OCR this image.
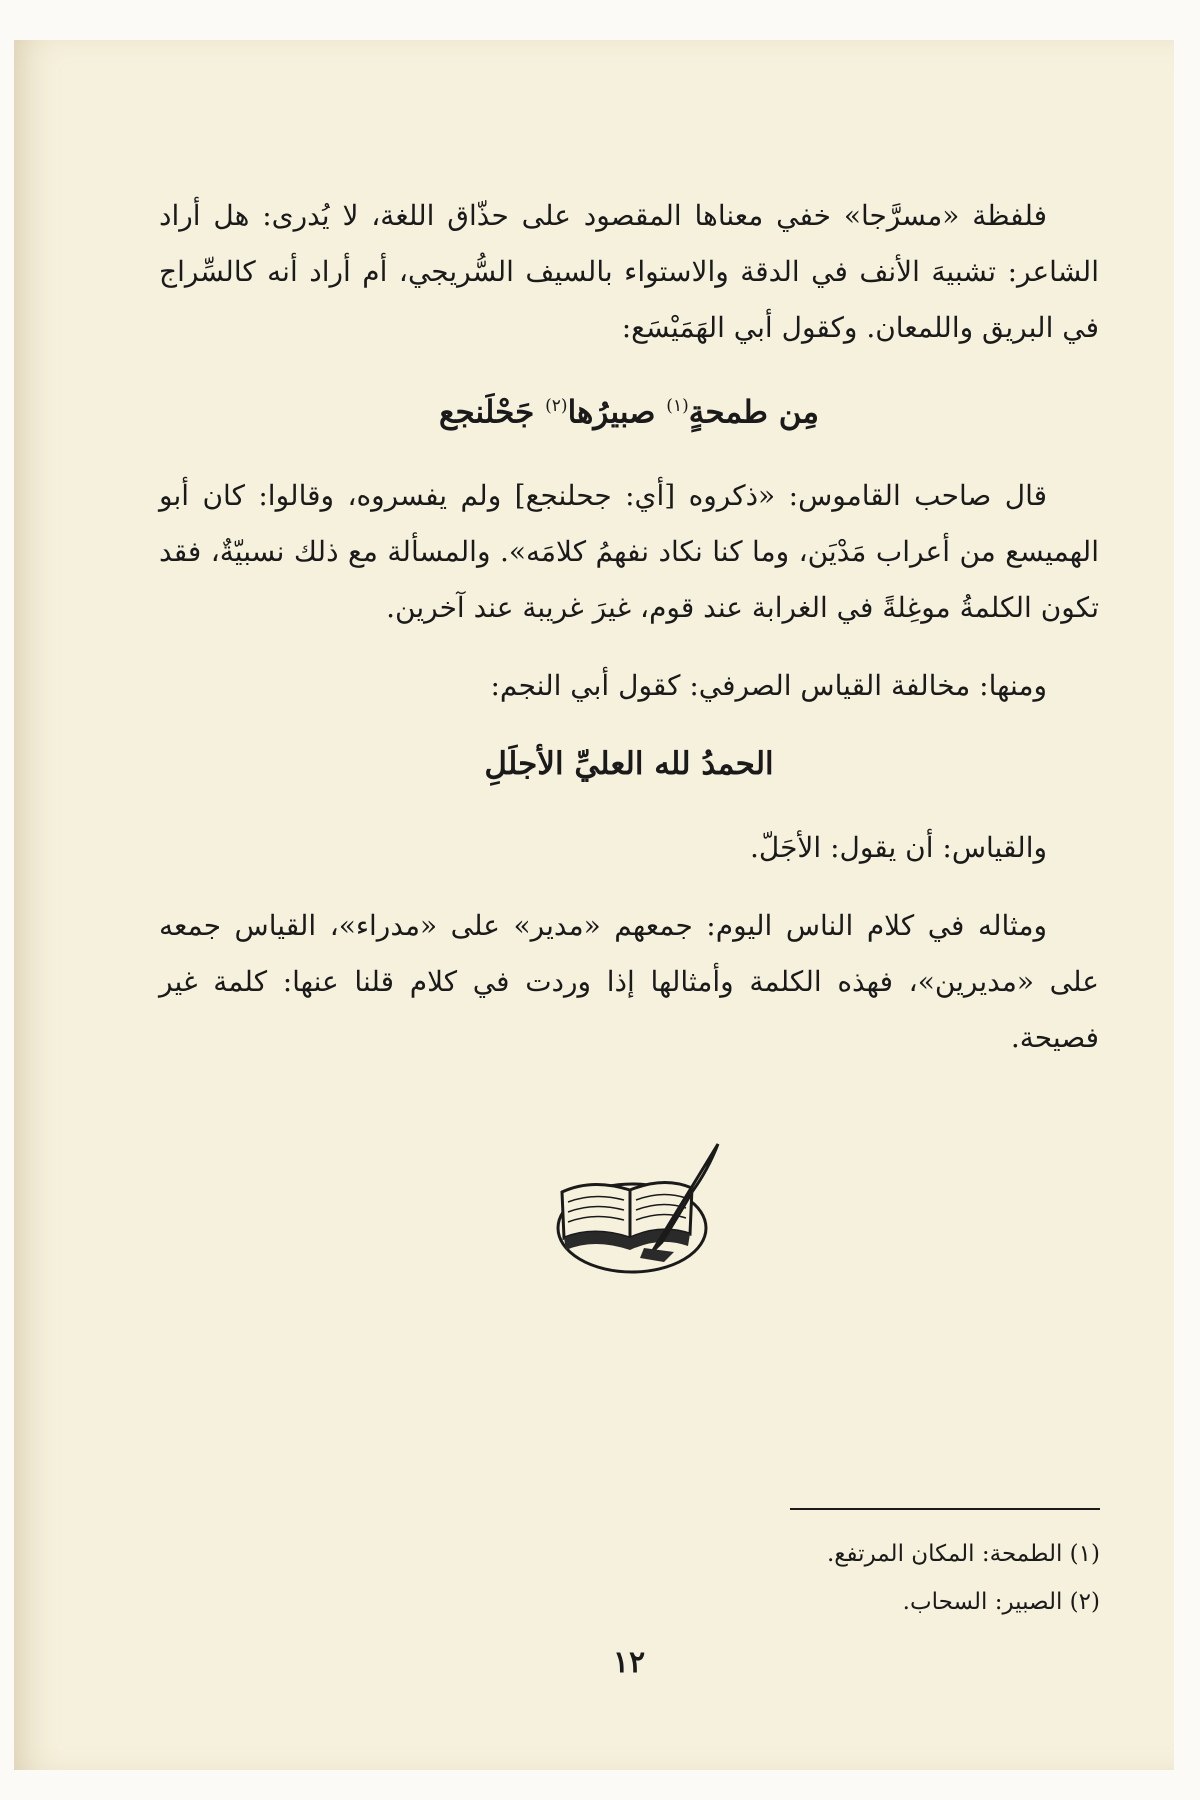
فلفظة «مسرَّجا» خفي معناها المقصود على حذّاق اللغة، لا يُدرى: هل أراد الشاعر: تشبيهَ الأنف في الدقة والاستواء بالسيف السُّريجي، أم أراد أنه كالسِّراج في البريق واللمعان. وكقول أبي الهَمَيْسَع:

مِن طمحةٍ$^{(١)}$ صبيرُها$^{(٢)}$ جَحْلَنجع

قال صاحب القاموس: «ذكروه [أي: جحلنجع] ولم يفسروه، وقالوا: كان أبو الهميسع من أعراب مَدْيَن، وما كنا نكاد نفهمُ كلامَه». والمسألة مع ذلك نسبيّةٌ، فقد تكون الكلمةُ موغِلةً في الغرابة عند قوم، غيرَ غريبة عند آخرين.

ومنها: مخالفة القياس الصرفي: كقول أبي النجم:

الحمدُ لله العليِّ الأجلَلِ

والقياس: أن يقول: الأجَلّ.

ومثاله في كلام الناس اليوم: جمعهم «مدير» على «مدراء»، القياس جمعه على «مديرين»، فهذه الكلمة وأمثالها إذا وردت في كلام قلنا عنها: كلمة غير فصيحة.

(١) الطمحة: المكان المرتفع.

(٢) الصبير: السحاب.

١٢
